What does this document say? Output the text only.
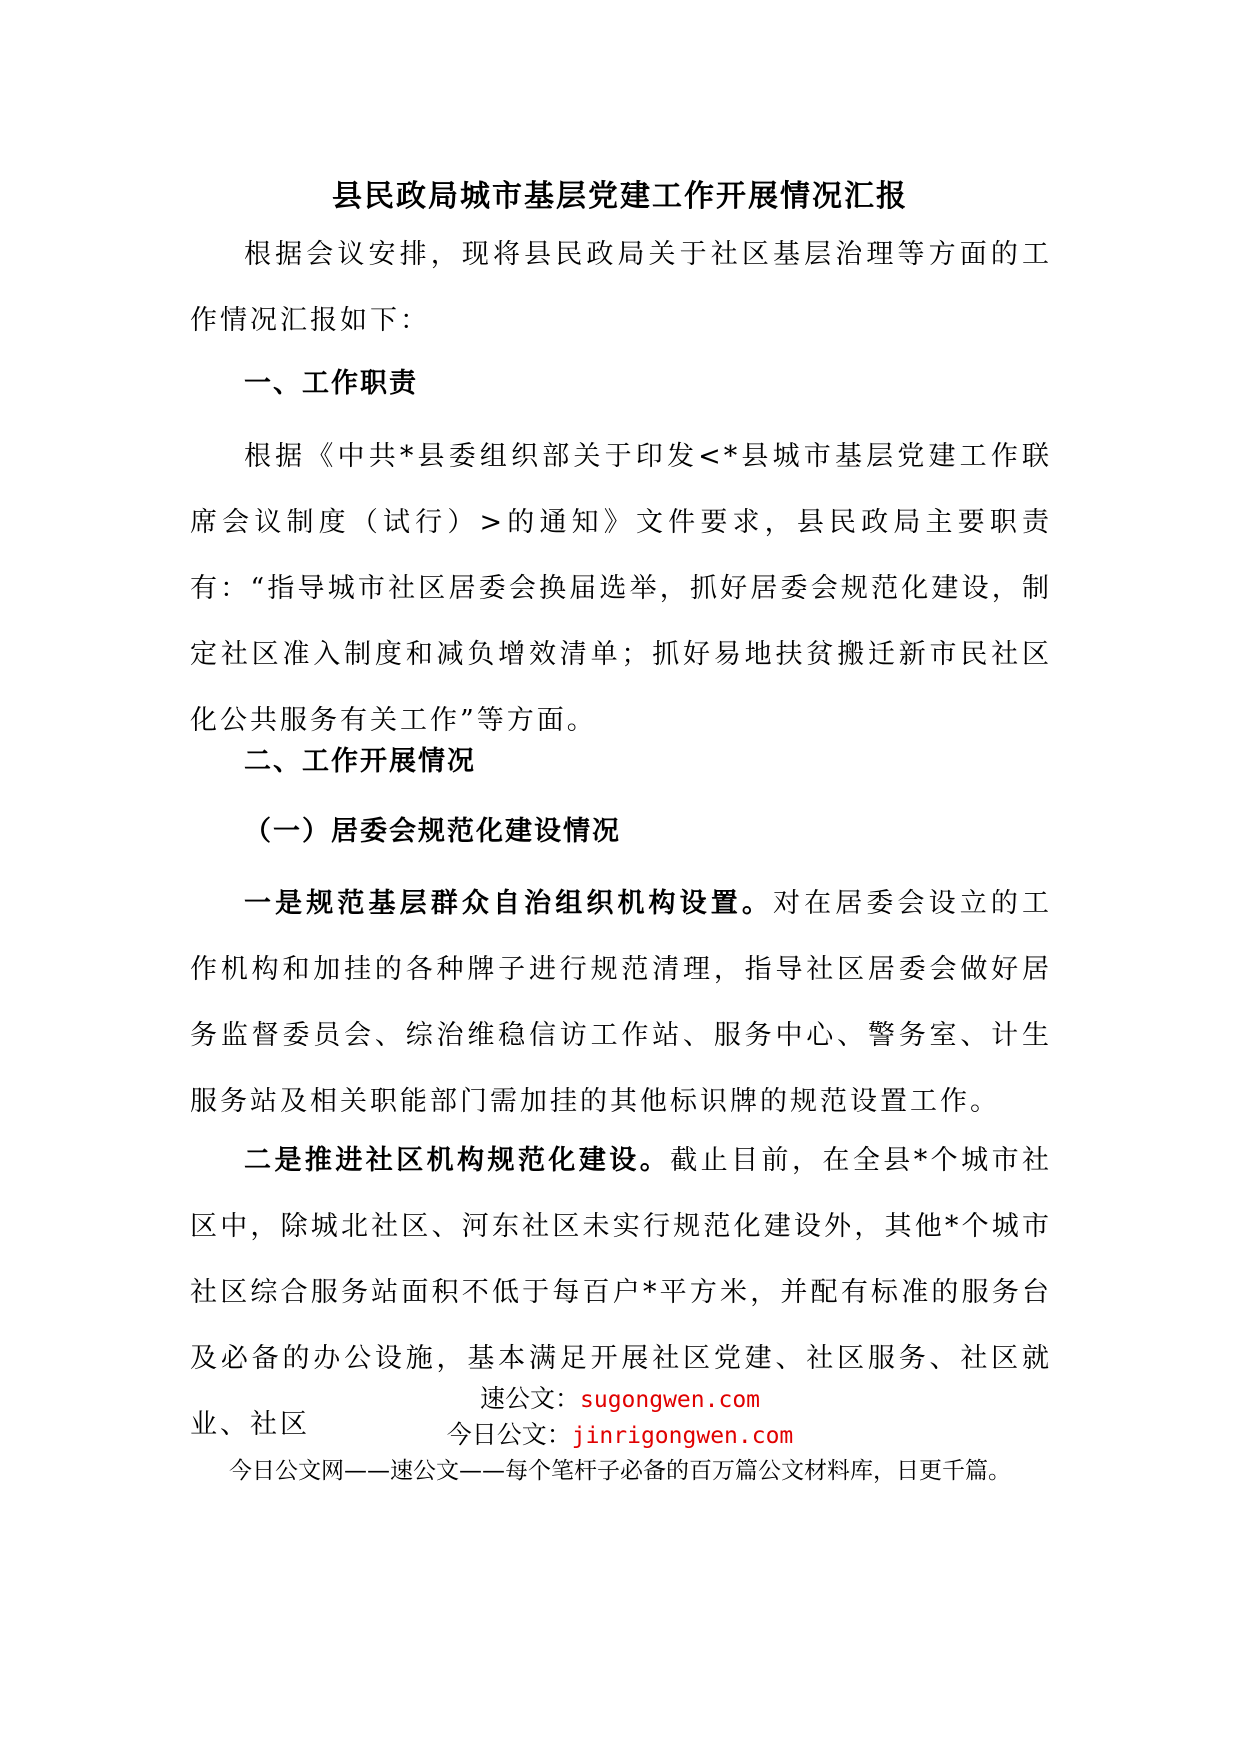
县民政局城市基层党建工作开展情况汇报

根据会议安排，现将县民政局关于社区基层治理等方面的工作情况汇报如下：

一、工作职责

根据《中共*县委组织部关于印发<*县城市基层党建工作联席会议制度（试行）>的通知》文件要求，县民政局主要职责有：“指导城市社区居委会换届选举，抓好居委会规范化建设，制定社区准入制度和减负增效清单；抓好易地扶贫搬迁新市民社区化公共服务有关工作”等方面。

二、工作开展情况
（一）居委会规范化建设情况

一是规范基层群众自治组织机构设置。对在居委会设立的工作机构和加挂的各种牌子进行规范清理，指导社区居委会做好居务监督委员会、综治维稳信访工作站、服务中心、警务室、计生服务站及相关职能部门需加挂的其他标识牌的规范设置工作。

二是推进社区机构规范化建设。截止目前，在全县*个城市社区中，除城北社区、河东社区未实行规范化建设外，其他*个城市社区综合服务站面积不低于每百户*平方米，并配有标准的服务台及必备的办公设施，基本满足开展社区党建、社区服务、社区就业、社区

速公文：sugongwen.com
今日公文：jinrigongwen.com
今日公文网——速公文——每个笔杆子必备的百万篇公文材料库，日更千篇。
